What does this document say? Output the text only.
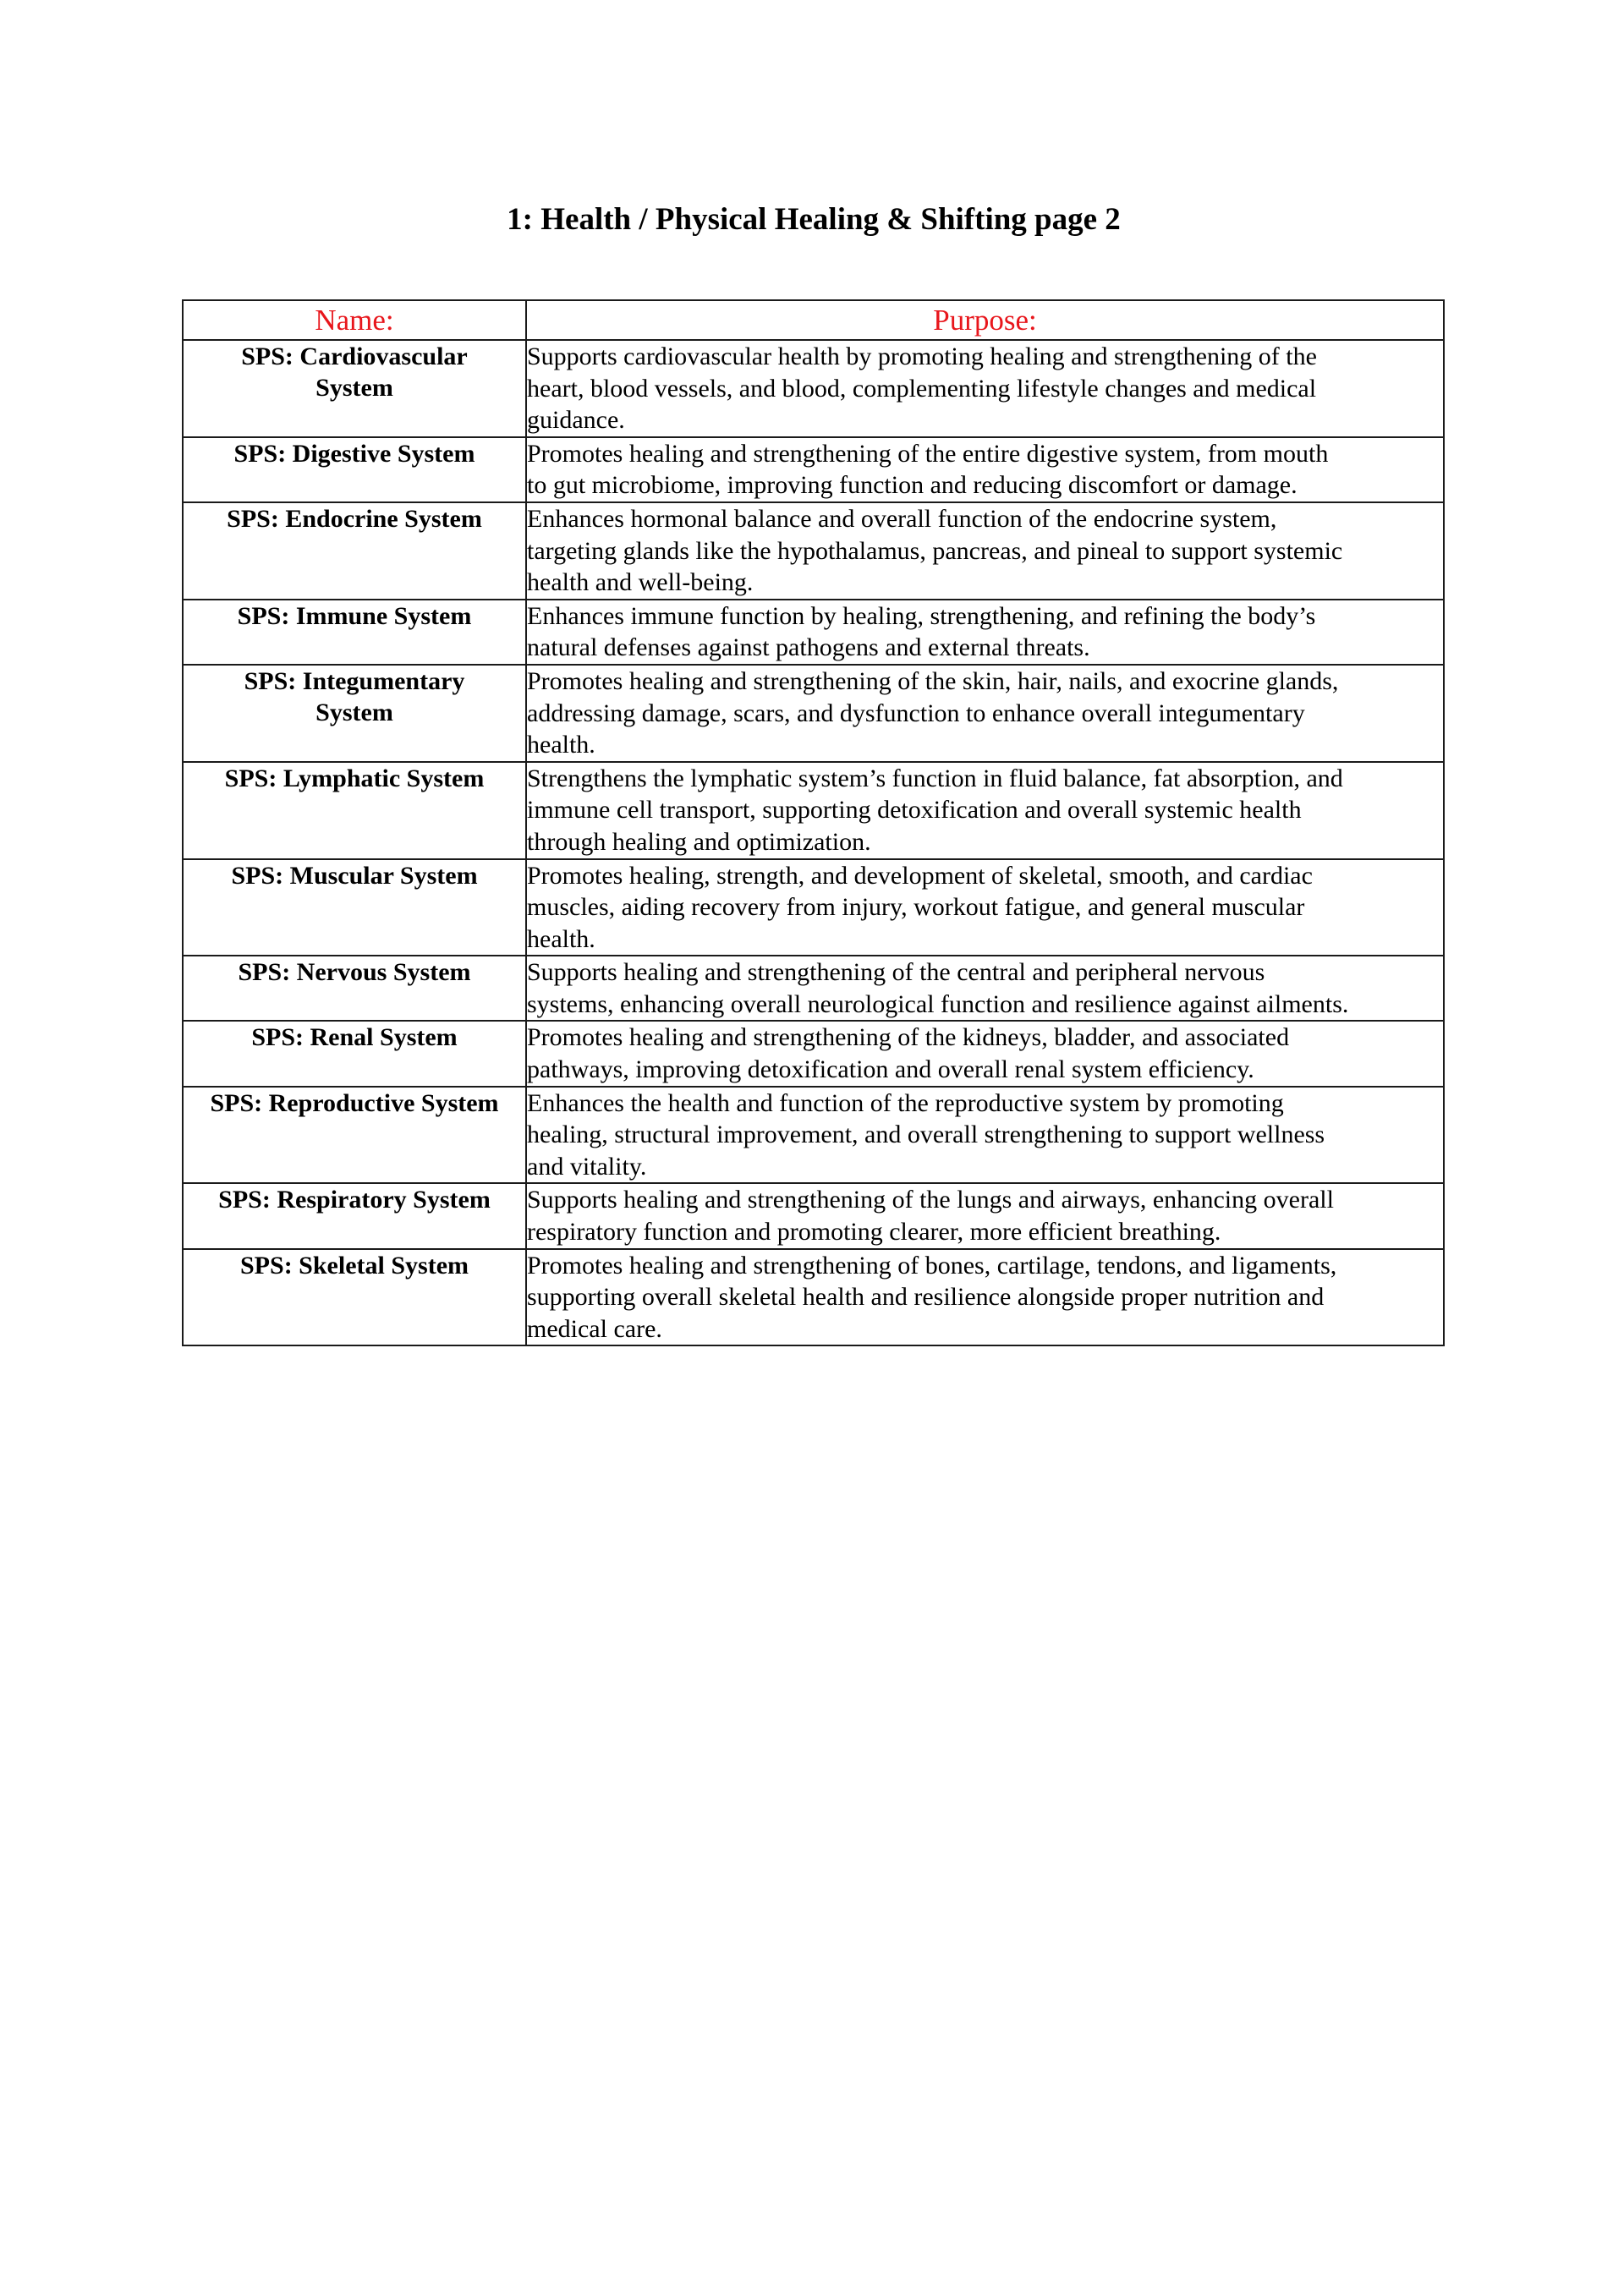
1: Health / Physical Healing & Shifting page 2
Name:	Purpose:

SPS: Cardiovascular
System	Supports cardiovascular health by promoting healing and strengthening of the
heart, blood vessels, and blood, complementing lifestyle changes and medical
guidance.

SPS: Digestive System	Promotes healing and strengthening of the entire digestive system, from mouth
to gut microbiome, improving function and reducing discomfort or damage.

SPS: Endocrine System	Enhances hormonal balance and overall function of the endocrine system,
targeting glands like the hypothalamus, pancreas, and pineal to support systemic
health and well-being.

SPS: Immune System	Enhances immune function by healing, strengthening, and refining the body’s
natural defenses against pathogens and external threats.

SPS: Integumentary
System	Promotes healing and strengthening of the skin, hair, nails, and exocrine glands,
addressing damage, scars, and dysfunction to enhance overall integumentary
health.

SPS: Lymphatic System	Strengthens the lymphatic system’s function in fluid balance, fat absorption, and
immune cell transport, supporting detoxification and overall systemic health
through healing and optimization.

SPS: Muscular System	Promotes healing, strength, and development of skeletal, smooth, and cardiac
muscles, aiding recovery from injury, workout fatigue, and general muscular
health.

SPS: Nervous System	Supports healing and strengthening of the central and peripheral nervous
systems, enhancing overall neurological function and resilience against ailments.

SPS: Renal System	Promotes healing and strengthening of the kidneys, bladder, and associated
pathways, improving detoxification and overall renal system efficiency.

SPS: Reproductive System	Enhances the health and function of the reproductive system by promoting
healing, structural improvement, and overall strengthening to support wellness
and vitality.

SPS: Respiratory System	Supports healing and strengthening of the lungs and airways, enhancing overall
respiratory function and promoting clearer, more efficient breathing.

SPS: Skeletal System	Promotes healing and strengthening of bones, cartilage, tendons, and ligaments,
supporting overall skeletal health and resilience alongside proper nutrition and
medical care.
